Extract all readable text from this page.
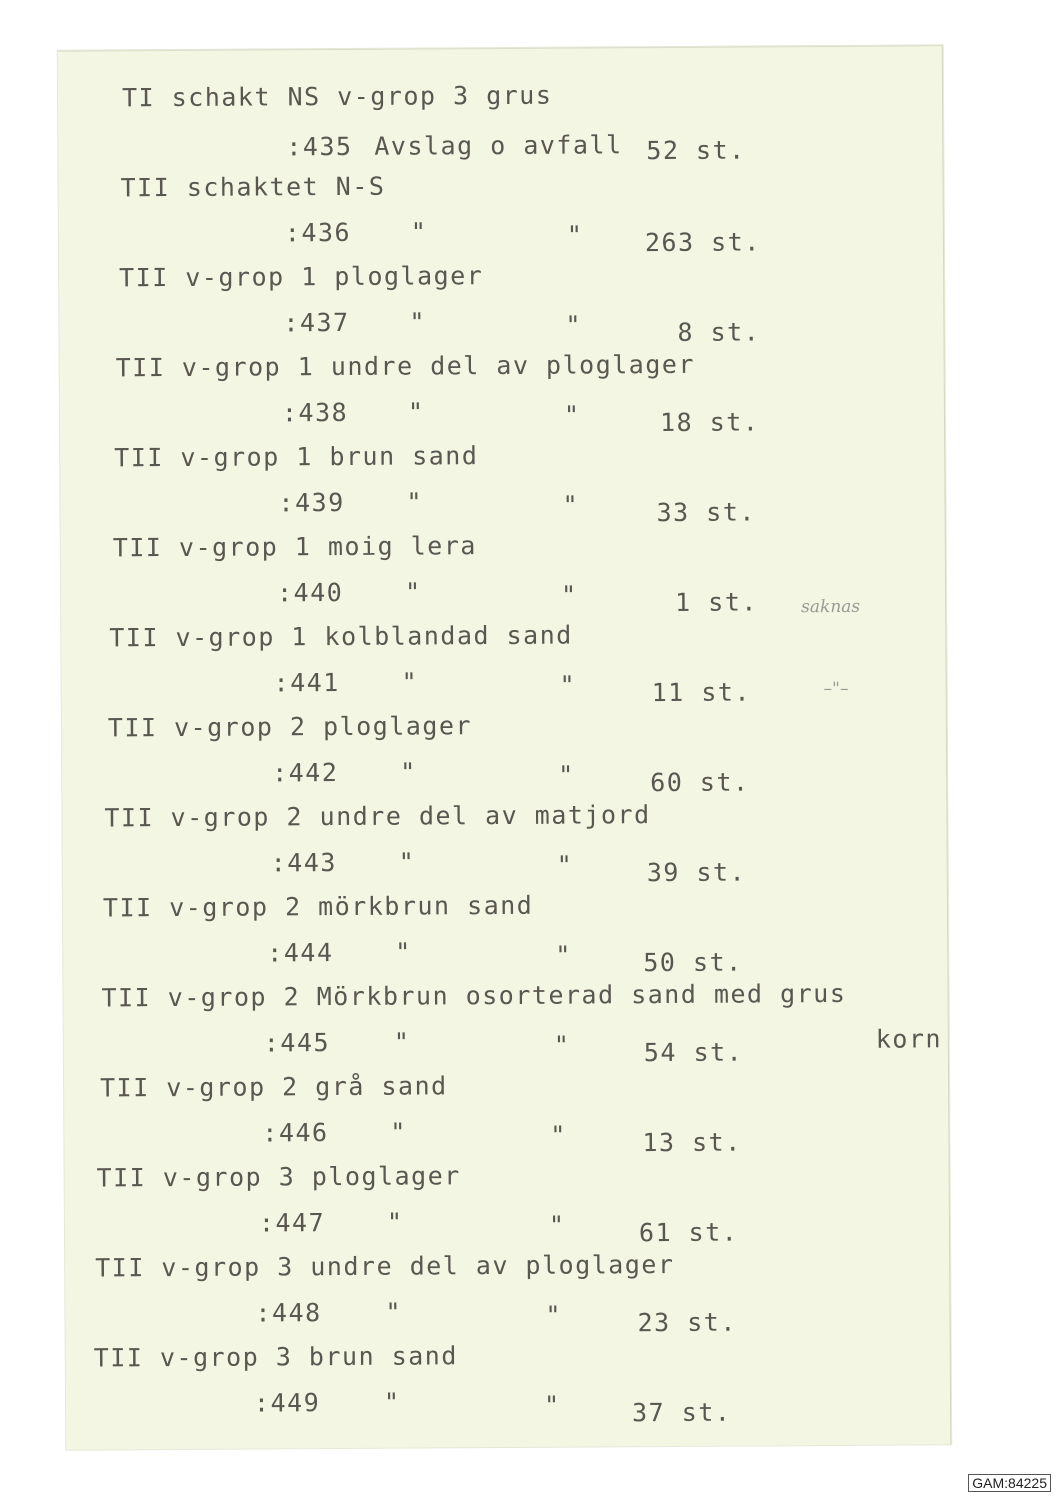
TI schakt NS v-grop 3 grus
:435 Avslag o avfall 52 st.
TII schaktet N-S
:436 "	" 263 st.
TII v-grop 1 ploglager
:437 "	"	8 st.
TII v-grop 1 undre del av ploglager
:438 "	"	18 st.
TII v-grop 1 brun sand
:439 "	"	33 st.
TII v-grop 1 moig lera
:440 "	"	1 st.	saknas
TII v-grop 1 kolblandad sand
:441 "	"	11 st.	–"–
TII v-grop 2 ploglager
:442 "	"	60 st.
TII v-grop 2 undre del av matjord
:443 "	"	39 st.
TII v-grop 2 mörkbrun sand
:444 "	"	50 st.
TII v-grop 2 Mörkbrun osorterad sand med grus
:445	"	"	54 st.	korn
TII v-grop 2 grå sand
:446 "	"	13 st.
TII v-grop 3 ploglager
:447 "	"	61 st.
TII v-grop 3 undre del av ploglager
:448	"	"	23 st.
TII v-grop 3 brun sand
:449	"	"	37 st.
GAM:84225
